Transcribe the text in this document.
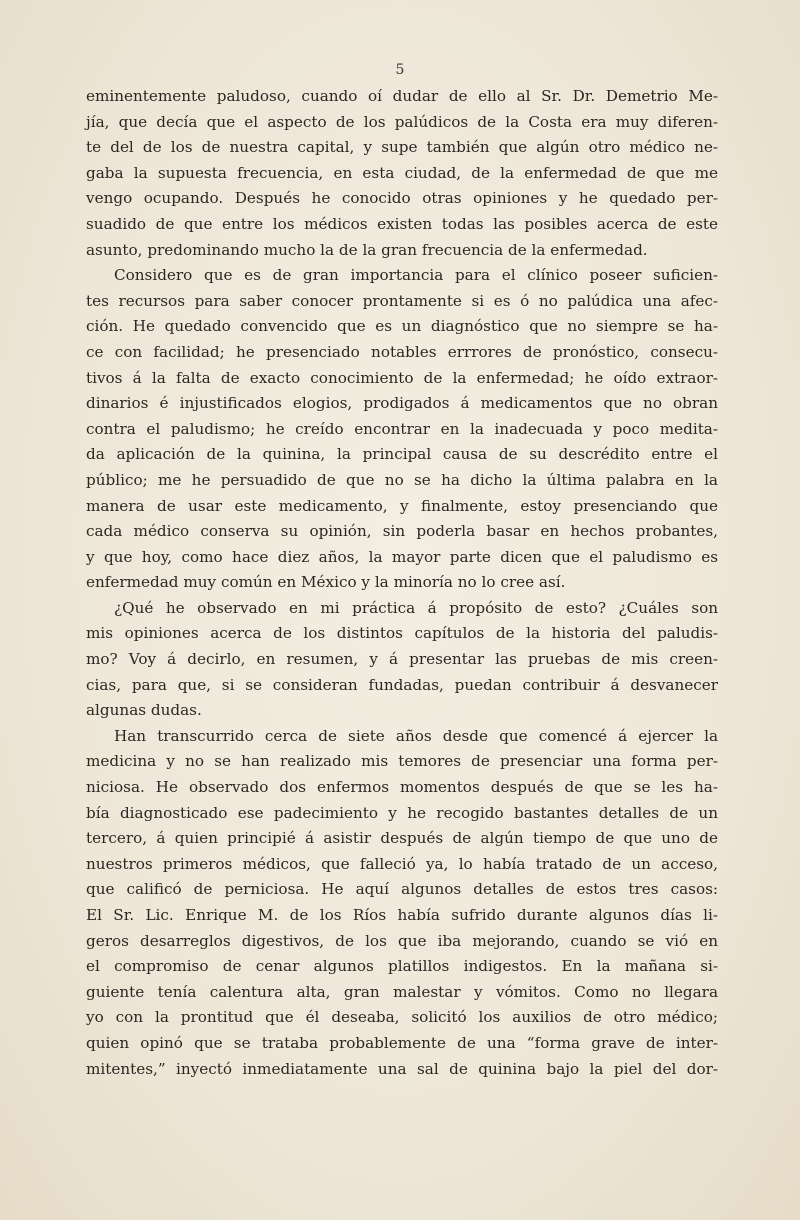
5
eminentemente paludoso, cuando oí dudar de ello al Sr. Dr. Demetrio Me-
jía, que decía que el aspecto de los palúdicos de la Costa era muy diferen-
te del de los de nuestra capital, y supe también que algún otro médico ne-
gaba la supuesta frecuencia, en esta ciudad, de la enfermedad de que me
vengo ocupando. Después he conocido otras opiniones y he quedado per-
suadido de que entre los médicos existen todas las posibles acerca de este
asunto, predominando mucho la de la gran frecuencia de la enfermedad.
Considero que es de gran importancia para el clínico poseer suficien-
tes recursos para saber conocer prontamente si es ó no palúdica una afec-
ción. He quedado convencido que es un diagnóstico que no siempre se ha-
ce con facilidad; he presenciado notables errrores de pronóstico, consecu-
tivos á la falta de exacto conocimiento de la enfermedad; he oído extraor-
dinarios é injustificados elogios, prodigados á medicamentos que no obran
contra el paludismo; he creído encontrar en la inadecuada y poco medita-
da aplicación de la quinina, la principal causa de su descrédito entre el
público; me he persuadido de que no se ha dicho la última palabra en la
manera de usar este medicamento, y finalmente, estoy presenciando que
cada médico conserva su opinión, sin poderla basar en hechos probantes,
y que hoy, como hace diez años, la mayor parte dicen que el paludismo es
enfermedad muy común en México y la minoría no lo cree así.
¿Qué he observado en mi práctica á propósito de esto? ¿Cuáles son
mis opiniones acerca de los distintos capítulos de la historia del paludis-
mo? Voy á decirlo, en resumen, y á presentar las pruebas de mis creen-
cias, para que, si se consideran fundadas, puedan contribuir á desvanecer
algunas dudas.
Han transcurrido cerca de siete años desde que comencé á ejercer la
medicina y no se han realizado mis temores de presenciar una forma per-
niciosa. He observado dos enfermos momentos después de que se les ha-
bía diagnosticado ese padecimiento y he recogido bastantes detalles de un
tercero, á quien principié á asistir después de algún tiempo de que uno de
nuestros primeros médicos, que falleció ya, lo había tratado de un acceso,
que calificó de perniciosa. He aquí algunos detalles de estos tres casos:
El Sr. Lic. Enrique M. de los Ríos había sufrido durante algunos días li-
geros desarreglos digestivos, de los que iba mejorando, cuando se vió en
el compromiso de cenar algunos platillos indigestos. En la mañana si-
guiente tenía calentura alta, gran malestar y vómitos. Como no llegara
yo con la prontitud que él deseaba, solicitó los auxilios de otro médico;
quien opinó que se trataba probablemente de una “forma grave de inter-
mitentes,” inyectó inmediatamente una sal de quinina bajo la piel del dor-
